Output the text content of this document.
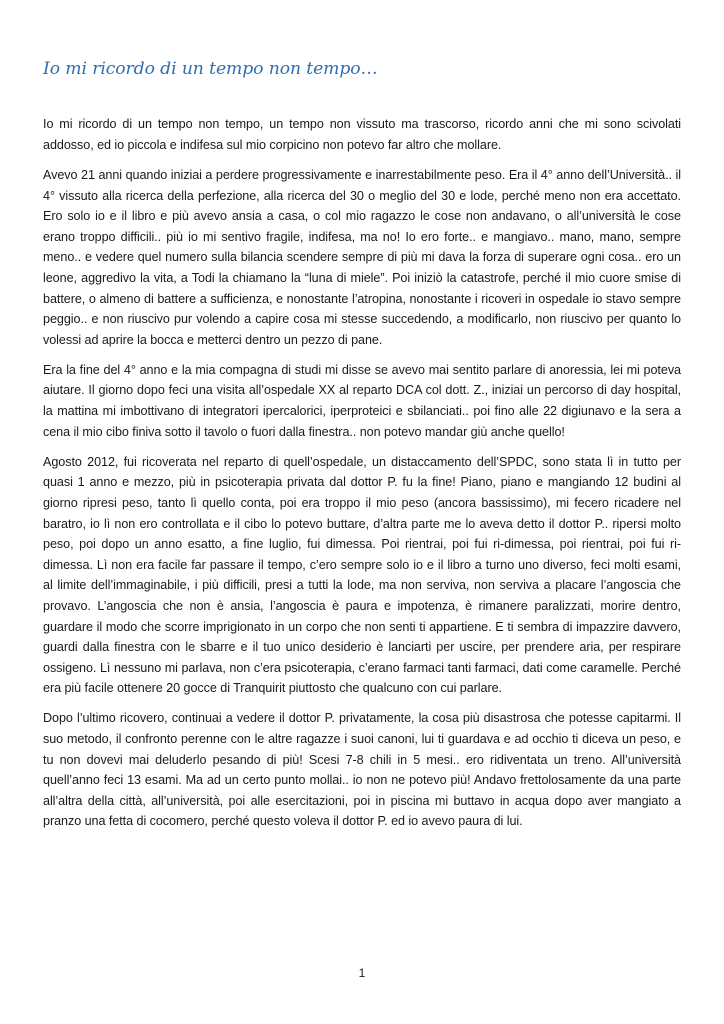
Io mi ricordo di un tempo non tempo…

Io mi ricordo di un tempo non tempo, un tempo non vissuto ma trascorso, ricordo anni che mi sono scivolati addosso, ed io piccola e indifesa sul mio corpicino non potevo far altro che mollare.

Avevo 21 anni quando iniziai a perdere progressivamente e inarrestabilmente peso. Era il 4° anno dell’Università.. il 4° vissuto alla ricerca della perfezione, alla ricerca del 30 o meglio del 30 e lode, perché meno non era accettato. Ero solo io e il libro e più avevo ansia a casa, o col mio ragazzo le cose non andavano, o all’università le cose erano troppo difficili.. più io mi sentivo fragile, indifesa, ma no! Io ero forte.. e mangiavo.. mano, mano, sempre meno.. e vedere quel numero sulla bilancia scendere sempre di più mi dava la forza di superare ogni cosa.. ero un leone, aggredivo la vita, a Todi la chiamano la “luna di miele”. Poi iniziò la catastrofe, perché il mio cuore smise di battere, o almeno di battere a sufficienza, e nonostante l’atropina, nonostante i ricoveri in ospedale io stavo sempre peggio.. e non riuscivo pur volendo a capire cosa mi stesse succedendo, a modificarlo, non riuscivo per quanto lo volessi ad aprire la bocca e metterci dentro un pezzo di pane.

Era la fine del 4° anno e la mia compagna di studi mi disse se avevo mai sentito parlare di anoressia, lei mi poteva aiutare. Il giorno dopo feci una visita all’ospedale XX al reparto DCA col dott. Z., iniziai un percorso di day hospital, la mattina mi imbottivano di integratori ipercalorici, iperproteici e sbilanciati.. poi fino alle 22 digiunavo e la sera a cena il mio cibo finiva sotto il tavolo o fuori dalla finestra.. non potevo mandar giù anche quello!

Agosto 2012, fui ricoverata nel reparto di quell’ospedale, un distaccamento dell’SPDC, sono stata lì in tutto per quasi 1 anno e mezzo, più in psicoterapia privata dal dottor P. fu la fine! Piano, piano e mangiando 12 budini al giorno ripresi peso, tanto lì quello conta, poi era troppo il mio peso (ancora bassissimo), mi fecero ricadere nel baratro, io lì non ero controllata e il cibo lo potevo buttare, d’altra parte me lo aveva detto il dottor P.. ripersi molto peso, poi dopo un anno esatto, a fine luglio, fui dimessa. Poi rientrai, poi fui ri-dimessa, poi rientrai, poi fui ri-dimessa. Lì non era facile far passare il tempo, c’ero sempre solo io e il libro a turno uno diverso, feci molti esami, al limite dell’immaginabile, i più difficili, presi a tutti la lode, ma non serviva, non serviva a placare l’angoscia che provavo. L’angoscia che non è ansia, l’angoscia è paura e impotenza, è rimanere paralizzati, morire dentro, guardare il modo che scorre imprigionato in un corpo che non senti ti appartiene. E ti sembra di impazzire davvero, guardi dalla finestra con le sbarre e il tuo unico desiderio è lanciarti per uscire, per prendere aria, per respirare ossigeno. Lì nessuno mi parlava, non c’era psicoterapia, c’erano farmaci tanti farmaci, dati come caramelle. Perché era più facile ottenere 20 gocce di Tranquirit piuttosto che qualcuno con cui parlare.

Dopo l’ultimo ricovero, continuai a vedere il dottor P. privatamente, la cosa più disastrosa che potesse capitarmi. Il suo metodo, il confronto perenne con le altre ragazze i suoi canoni, lui ti guardava e ad occhio ti diceva un peso, e tu non dovevi mai deluderlo pesando di più! Scesi 7-8 chili in 5 mesi.. ero ridiventata un treno. All’università quell’anno feci 13 esami. Ma ad un certo punto mollai.. io non ne potevo più! Andavo frettolosamente da una parte all’altra della città, all’università, poi alle esercitazioni, poi in piscina mi buttavo in acqua dopo aver mangiato a pranzo una fetta di cocomero, perché questo voleva il dottor P. ed io avevo paura di lui.

1
